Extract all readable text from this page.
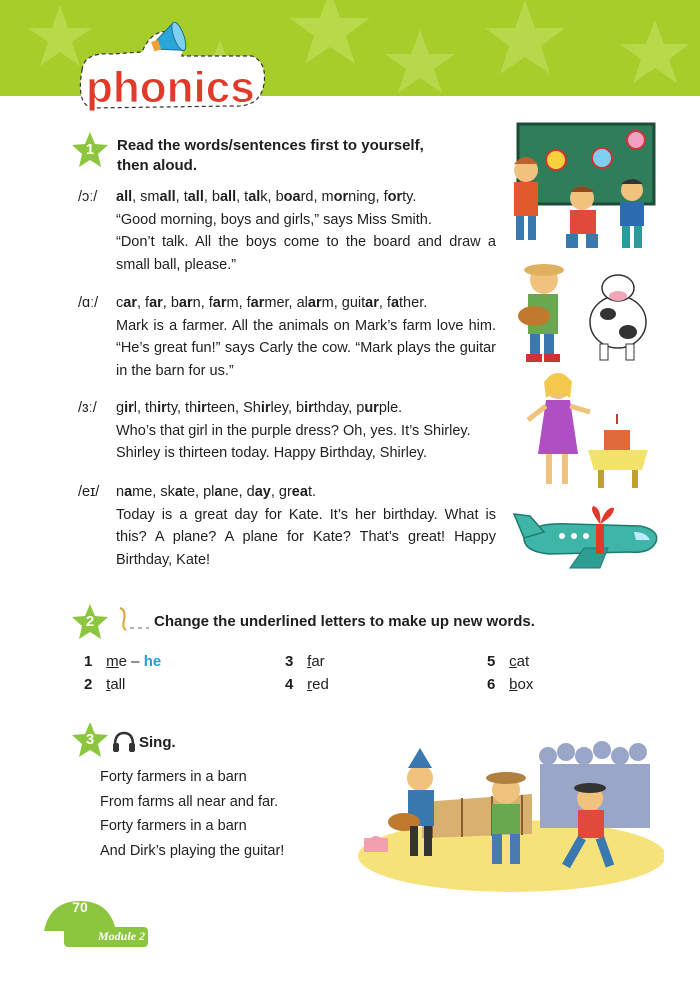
phonics
1	Read the words/sentences first to yourself,
then aloud.
/ɔː/	all, small, tall, ball, talk, board, morning, forty.
“Good morning, boys and girls,” says Miss Smith.
“Don’t talk. All the boys come to the board and draw a small ball, please.”
/ɑː/	car, far, barn, farm, farmer, alarm, guitar, father.
Mark is a farmer. All the animals on Mark’s farm love him. “He’s great fun!” says Carly the cow. “Mark plays the guitar in the barn for us.”
/ɜː/	girl, thirty, thirteen, Shirley, birthday, purple.
Who’s that girl in the purple dress? Oh, yes. It’s Shirley.
Shirley is thirteen today. Happy Birthday, Shirley.
/eɪ/	name, skate, plane, day, great.
Today is a great day for Kate. It’s her birthday. What is this? A plane? A plane for Kate? That’s great! Happy Birthday, Kate!
2	Change the underlined letters to make up new words.
1 me – he
2 tall
3 far
4 red
5 cat
6 box
3	Sing.
Forty farmers in a barn
From farms all near and far.
Forty farmers in a barn
And Dirk’s playing the guitar!
70
Module 2
